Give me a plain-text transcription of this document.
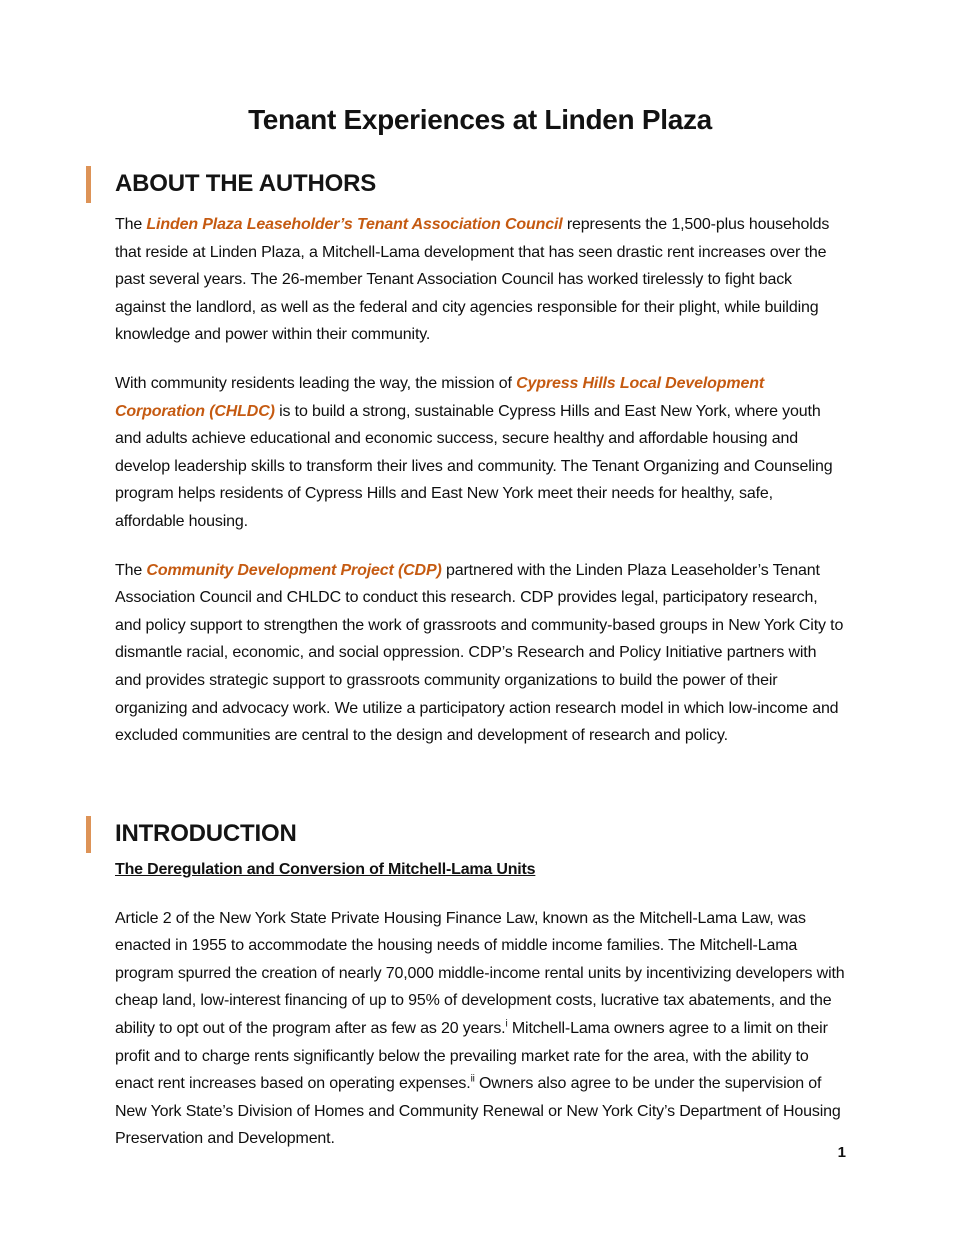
Tenant Experiences at Linden Plaza
ABOUT THE AUTHORS

The Linden Plaza Leaseholder’s Tenant Association Council represents the 1,500-plus households that reside at Linden Plaza, a Mitchell-Lama development that has seen drastic rent increases over the past several years. The 26-member Tenant Association Council has worked tirelessly to fight back against the landlord, as well as the federal and city agencies responsible for their plight, while building knowledge and power within their community.

With community residents leading the way, the mission of Cypress Hills Local Development Corporation (CHLDC) is to build a strong, sustainable Cypress Hills and East New York, where youth and adults achieve educational and economic success, secure healthy and affordable housing and develop leadership skills to transform their lives and community. The Tenant Organizing and Counseling program helps residents of Cypress Hills and East New York meet their needs for healthy, safe, affordable housing.

The Community Development Project (CDP) partnered with the Linden Plaza Leaseholder’s Tenant Association Council and CHLDC to conduct this research. CDP provides legal, participatory research, and policy support to strengthen the work of grassroots and community-based groups in New York City to dismantle racial, economic, and social oppression. CDP’s Research and Policy Initiative partners with and provides strategic support to grassroots community organizations to build the power of their organizing and advocacy work. We utilize a participatory action research model in which low-income and excluded communities are central to the design and development of research and policy.

INTRODUCTION
The Deregulation and Conversion of Mitchell-Lama Units

Article 2 of the New York State Private Housing Finance Law, known as the Mitchell-Lama Law, was enacted in 1955 to accommodate the housing needs of middle income families. The Mitchell-Lama program spurred the creation of nearly 70,000 middle-income rental units by incentivizing developers with cheap land, low-interest financing of up to 95% of development costs, lucrative tax abatements, and the ability to opt out of the program after as few as 20 years.$^i$ Mitchell-Lama owners agree to a limit on their profit and to charge rents significantly below the prevailing market rate for the area, with the ability to enact rent increases based on operating expenses.$^{ii}$ Owners also agree to be under the supervision of New York State’s Division of Homes and Community Renewal or New York City’s Department of Housing Preservation and Development.

1
